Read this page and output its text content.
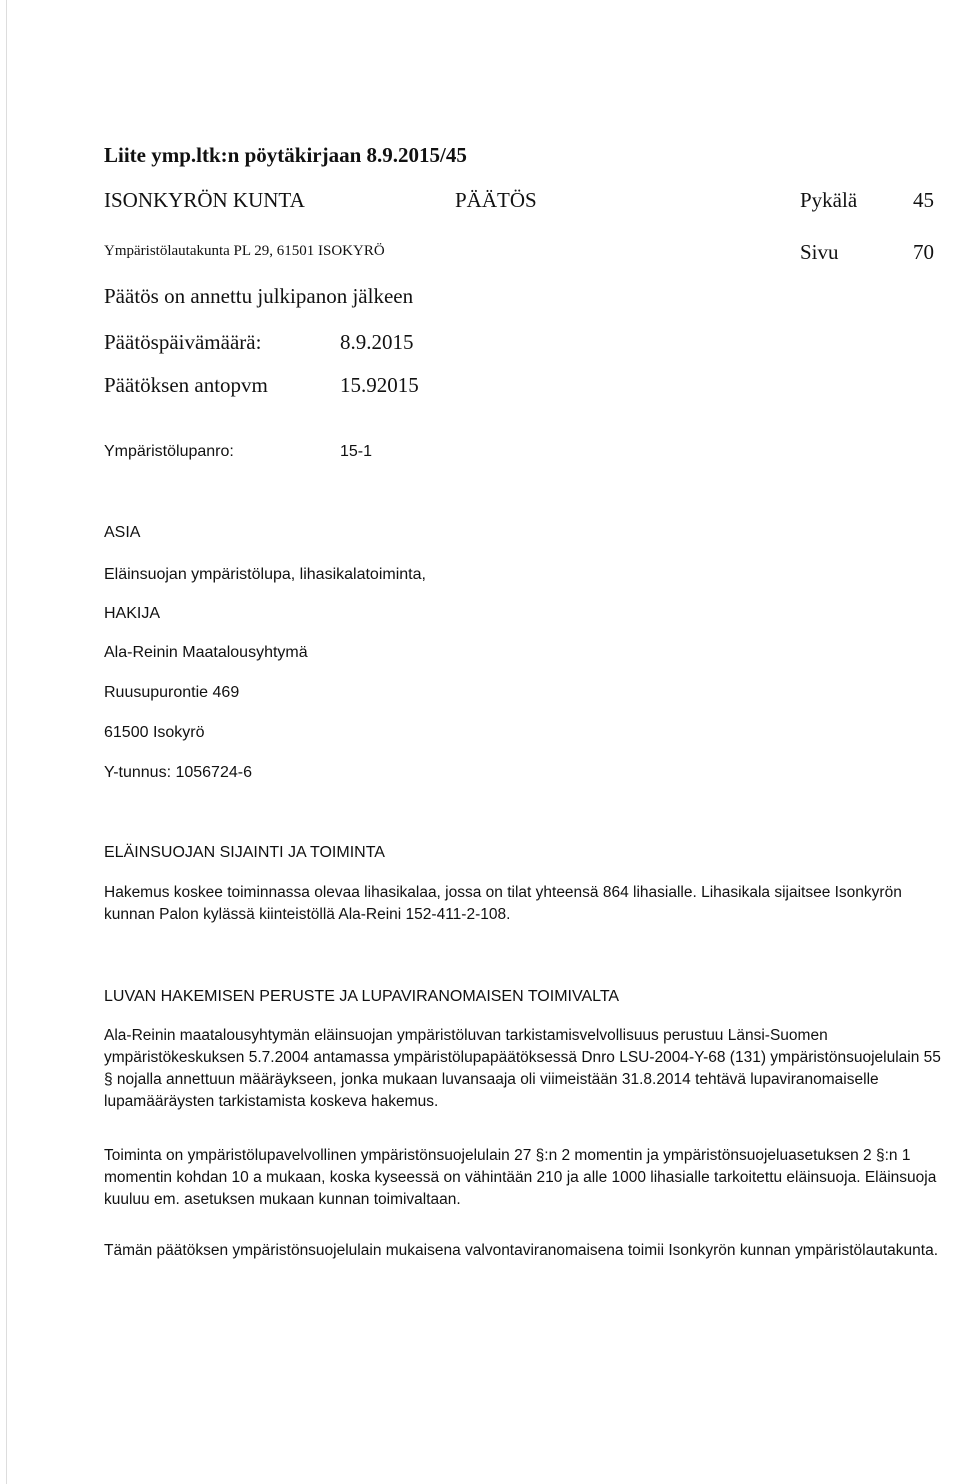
Liite ymp.ltk:n pöytäkirjaan 8.9.2015/45
ISONKYRÖN KUNTA	PÄÄTÖS	Pykälä	45
Ympäristölautakunta PL 29, 61501 ISOKYRÖ	Sivu	70
Päätös on annettu julkipanon jälkeen
Päätöspäivämäärä:	8.9.2015
Päätöksen antopvm	15.92015
Ympäristölupanro:	15-1
ASIA
Eläinsuojan ympäristölupa, lihasikalatoiminta,
HAKIJA
Ala-Reinin Maatalousyhtymä
Ruusupurontie 469
61500 Isokyrö
Y-tunnus: 1056724-6
ELÄINSUOJAN SIJAINTI JA TOIMINTA

Hakemus koskee toiminnassa olevaa lihasikalaa, jossa on tilat yhteensä 864 lihasialle. Lihasikala sijaitsee Isonkyrön kunnan Palon kylässä kiinteistöllä Ala-Reini 152-411-2-108.

LUVAN HAKEMISEN PERUSTE JA LUPAVIRANOMAISEN TOIMIVALTA

Ala-Reinin maatalousyhtymän eläinsuojan ympäristöluvan tarkistamisvelvollisuus perustuu Länsi-Suomen ympäristökeskuksen 5.7.2004 antamassa ympäristölupapäätöksessä Dnro LSU-2004-Y-68 (131) ympäristönsuojelulain 55 § nojalla annettuun määräykseen, jonka mukaan luvansaaja oli viimeistään 31.8.2014 tehtävä lupaviranomaiselle lupamääräysten tarkistamista koskeva hakemus.

Toiminta on ympäristölupavelvollinen ympäristönsuojelulain 27 §:n 2 momentin ja ympäristönsuojeluasetuksen 2 §:n 1 momentin kohdan 10 a mukaan, koska kyseessä on vähintään 210 ja alle 1000 lihasialle tarkoitettu eläinsuoja. Eläinsuoja kuuluu em. asetuksen mukaan kunnan toimivaltaan.

Tämän päätöksen ympäristönsuojelulain mukaisena valvontaviranomaisena toimii Isonkyrön kunnan ympäristölautakunta.
